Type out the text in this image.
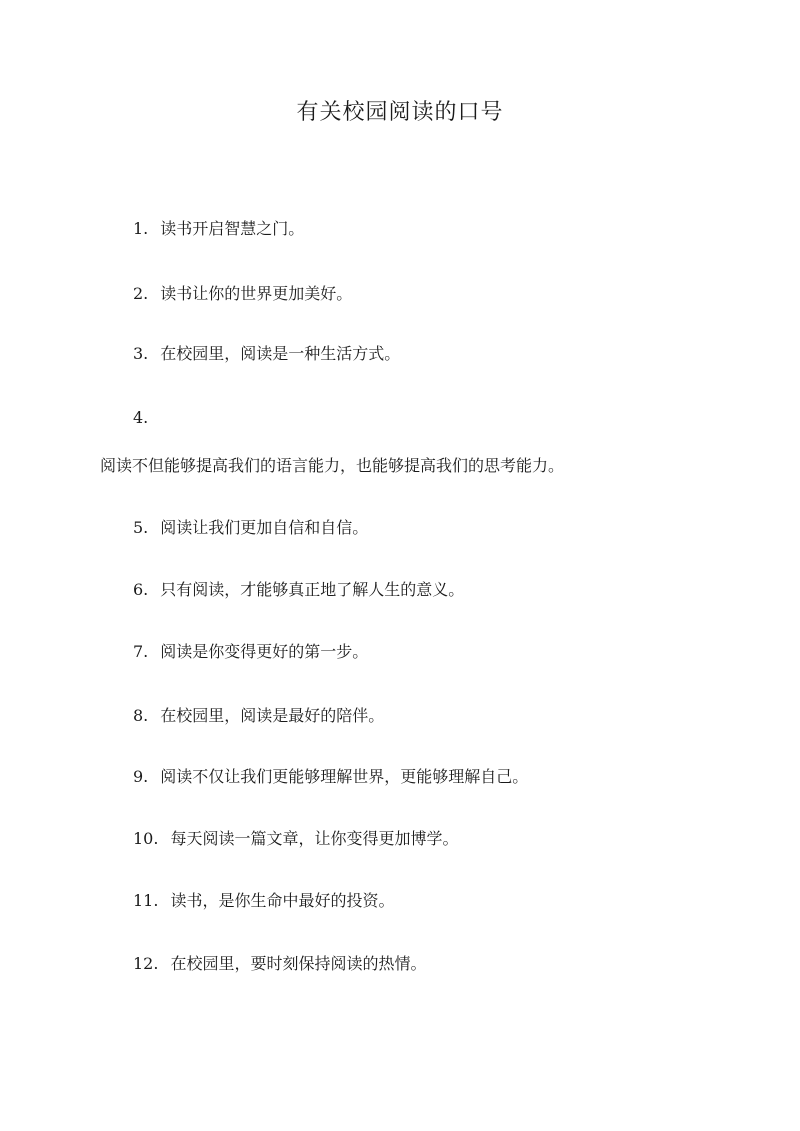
有关校园阅读的口号
1. 读书开启智慧之门。
2. 读书让你的世界更加美好。
3. 在校园里，阅读是一种生活方式。
4.
阅读不但能够提高我们的语言能力，也能够提高我们的思考能力。
5. 阅读让我们更加自信和自信。
6. 只有阅读，才能够真正地了解人生的意义。
7. 阅读是你变得更好的第一步。
8. 在校园里，阅读是最好的陪伴。
9. 阅读不仅让我们更能够理解世界，更能够理解自己。
10. 每天阅读一篇文章，让你变得更加博学。
11. 读书，是你生命中最好的投资。
12. 在校园里，要时刻保持阅读的热情。
